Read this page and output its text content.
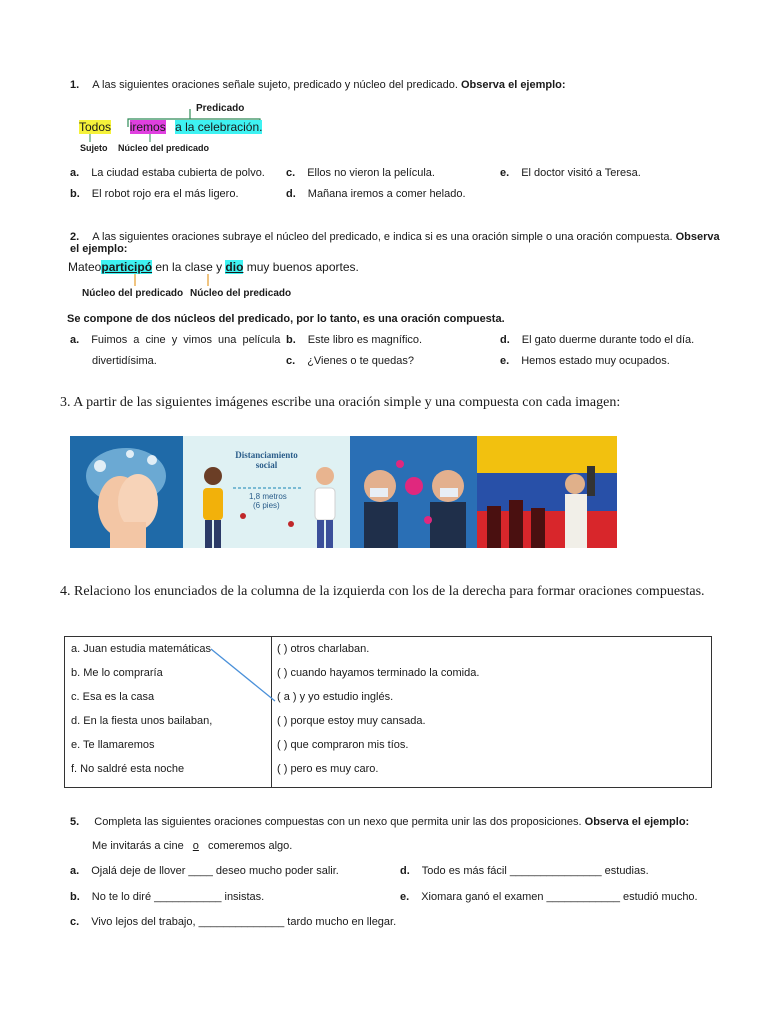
1. A las siguientes oraciones señale sujeto, predicado y núcleo del predicado. Observa el ejemplo:
Predicado
Todos iremos a la celebración.
Sujeto Núcleo del predicado
a. La ciudad estaba cubierta de polvo. c. Ellos no vieron la película.	e. El doctor visitó a Teresa.
b. El robot rojo era el más ligero.	d. Mañana iremos a comer helado.
2. A las siguientes oraciones subraye el núcleo del predicado, e indica si es una oración simple o una oración compuesta. Observa el ejemplo:
Mateoparticipó en la clase y dio muy buenos aportes.
Núcleo del predicado Núcleo del predicado
Se compone de dos núcleos del predicado, por lo tanto, es una oración compuesta.
a. Fuimos a cine y vimos una película
divertidísima.
b. Este libro es magnífico.
c. ¿Vienes o te quedas?
d. El gato duerme durante todo el día.
e. Hemos estado muy ocupados.
3. A partir de las siguientes imágenes escribe una oración simple y una compuesta con cada imagen:
Distanciamiento social
1,8 metros
(6 pies)
4. Relaciono los enunciados de la columna de la izquierda con los de la derecha para formar oraciones compuestas.
a. Juan estudia matemáticas
b. Me lo compraría
c. Esa es la casa
d. En la fiesta unos bailaban,
e. Te llamaremos
f. No saldré esta noche
( ) otros charlaban.
( ) cuando hayamos terminado la comida.
( a ) y yo estudio inglés.
( ) porque estoy muy cansada.
( ) que compraron mis tíos.
( ) pero es muy caro.
5. Completa las siguientes oraciones compuestas con un nexo que permita unir las dos proposiciones. Observa el ejemplo:
Me invitarás a cine o comeremos algo.
a. Ojalá deje de llover ____ deseo mucho poder salir.	d. Todo es más fácil _______________ estudias.
b. No te lo diré ___________ insistas.	e. Xiomara ganó el examen ____________ estudió mucho.
c. Vivo lejos del trabajo, ______________ tardo mucho en llegar.
